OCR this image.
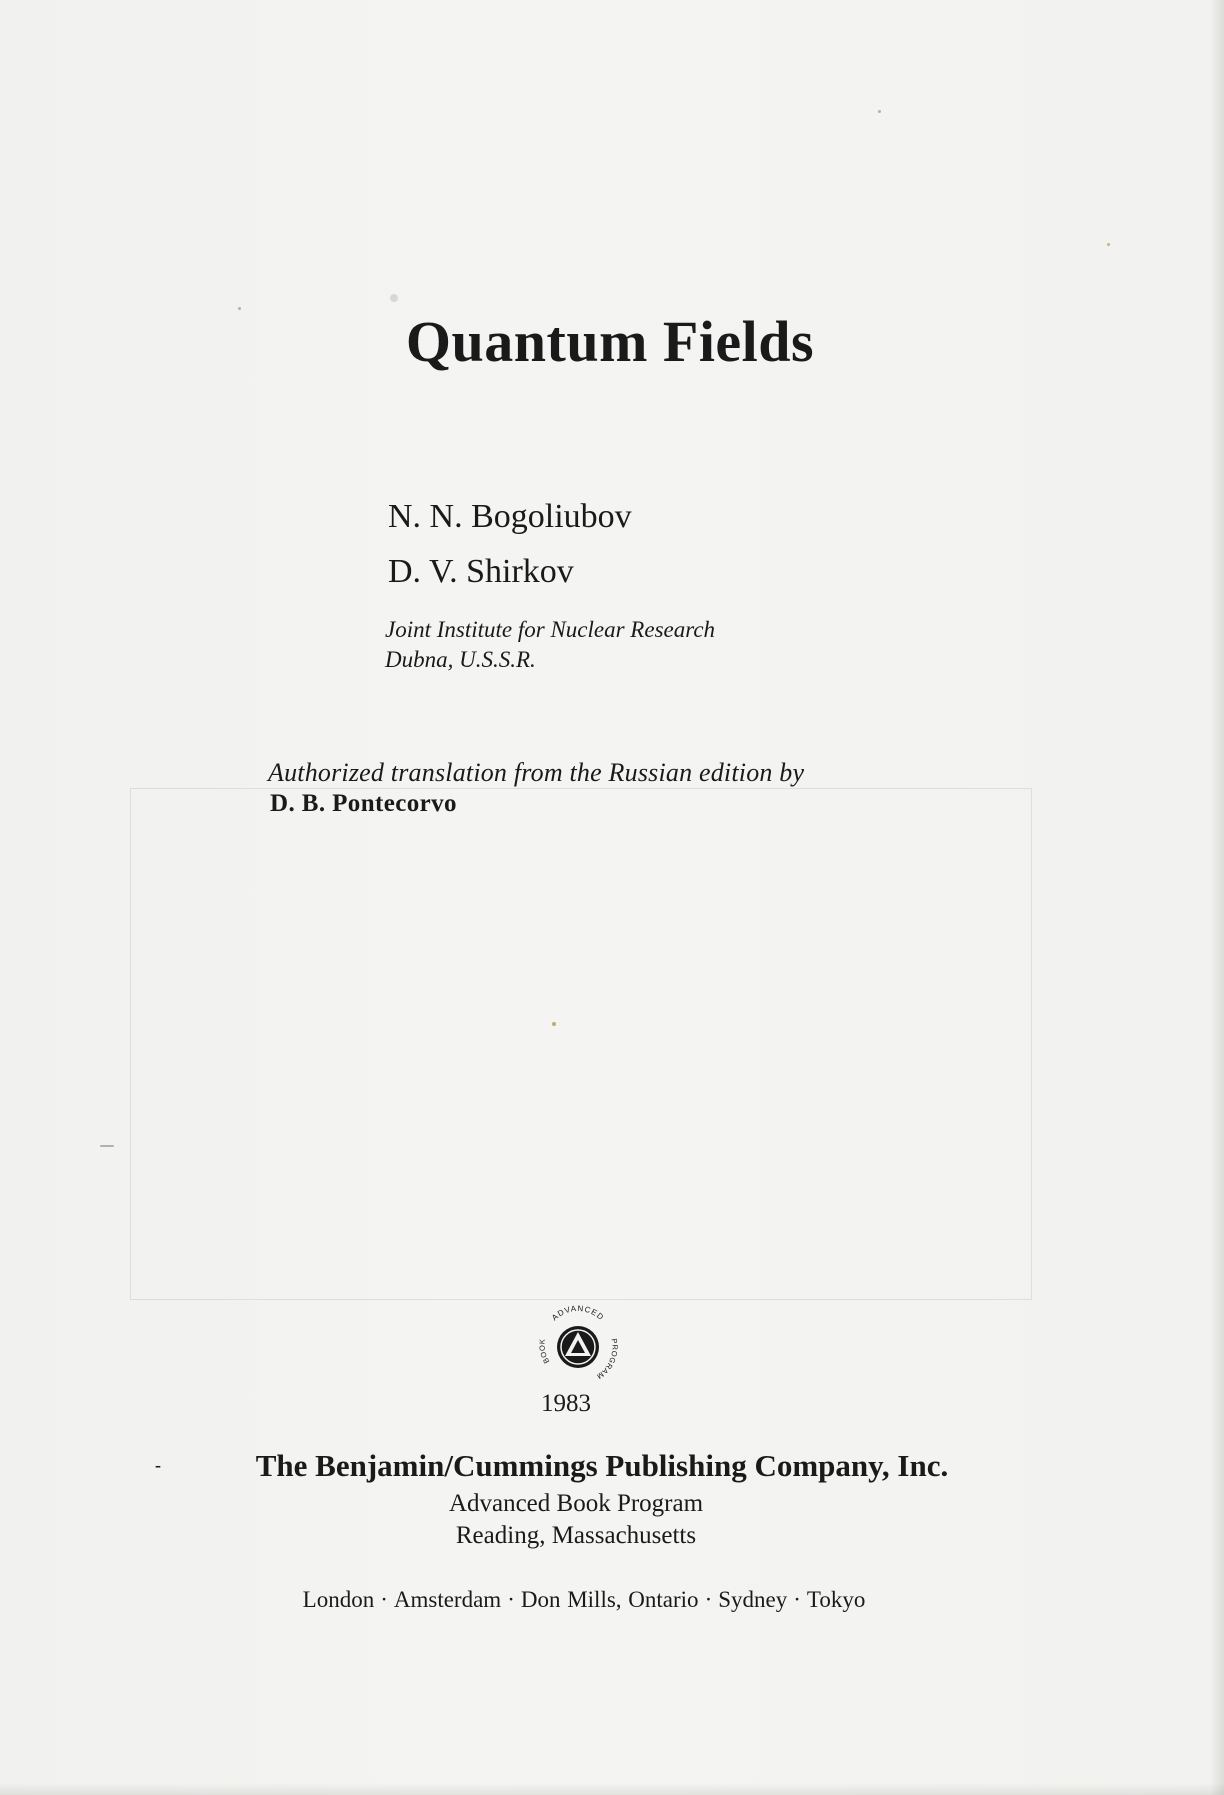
Quantum Fields

N. N. Bogoliubov

D. V. Shirkov

Joint Institute for Nuclear Research

Dubna, U.S.S.R.

Authorized translation from the Russian edition by

D. B. Pontecorvo

ADVANCED
BOOK	PROGRAM

1983

-	The Benjamin/Cummings Publishing Company, Inc.

Advanced Book Program

Reading, Massachusetts

London · Amsterdam · Don Mills, Ontario · Sydney · Tokyo
